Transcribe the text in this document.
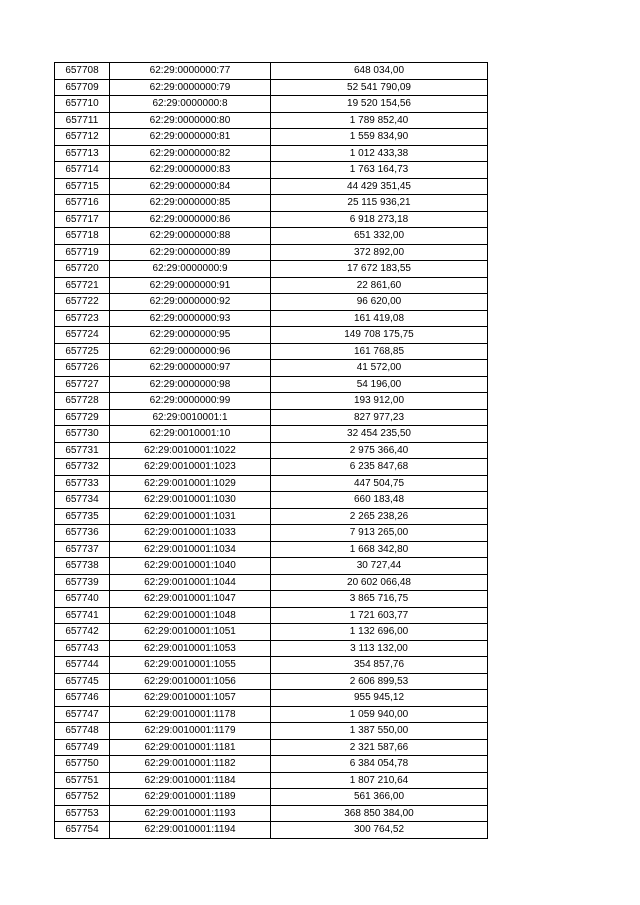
657708	62:29:0000000:77	648 034,00
657709	62:29:0000000:79	52 541 790,09
657710	62:29:0000000:8	19 520 154,56
657711	62:29:0000000:80	1 789 852,40
657712	62:29:0000000:81	1 559 834,90
657713	62:29:0000000:82	1 012 433,38
657714	62:29:0000000:83	1 763 164,73
657715	62:29:0000000:84	44 429 351,45
657716	62:29:0000000:85	25 115 936,21
657717	62:29:0000000:86	6 918 273,18
657718	62:29:0000000:88	651 332,00
657719	62:29:0000000:89	372 892,00
657720	62:29:0000000:9	17 672 183,55
657721	62:29:0000000:91	22 861,60
657722	62:29:0000000:92	96 620,00
657723	62:29:0000000:93	161 419,08
657724	62:29:0000000:95	149 708 175,75
657725	62:29:0000000:96	161 768,85
657726	62:29:0000000:97	41 572,00
657727	62:29:0000000:98	54 196,00
657728	62:29:0000000:99	193 912,00
657729	62:29:0010001:1	827 977,23
657730	62:29:0010001:10	32 454 235,50
657731	62:29:0010001:1022	2 975 366,40
657732	62:29:0010001:1023	6 235 847,68
657733	62:29:0010001:1029	447 504,75
657734	62:29:0010001:1030	660 183,48
657735	62:29:0010001:1031	2 265 238,26
657736	62:29:0010001:1033	7 913 265,00
657737	62:29:0010001:1034	1 668 342,80
657738	62:29:0010001:1040	30 727,44
657739	62:29:0010001:1044	20 602 066,48
657740	62:29:0010001:1047	3 865 716,75
657741	62:29:0010001:1048	1 721 603,77
657742	62:29:0010001:1051	1 132 696,00
657743	62:29:0010001:1053	3 113 132,00
657744	62:29:0010001:1055	354 857,76
657745	62:29:0010001:1056	2 606 899,53
657746	62:29:0010001:1057	955 945,12
657747	62:29:0010001:1178	1 059 940,00
657748	62:29:0010001:1179	1 387 550,00
657749	62:29:0010001:1181	2 321 587,66
657750	62:29:0010001:1182	6 384 054,78
657751	62:29:0010001:1184	1 807 210,64
657752	62:29:0010001:1189	561 366,00
657753	62:29:0010001:1193	368 850 384,00
657754	62:29:0010001:1194	300 764,52
